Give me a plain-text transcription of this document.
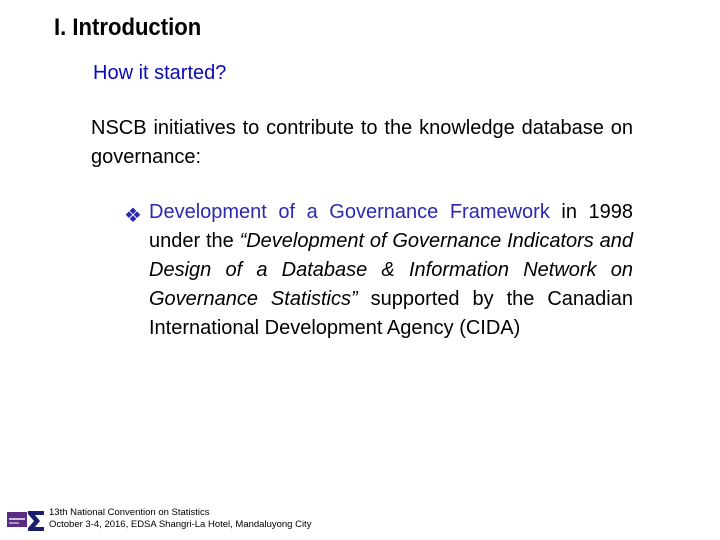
I. Introduction
How it started?
NSCB initiatives to contribute to the knowledge database on governance:
❖ Development of a Governance Framework in 1998 under the “Development of Governance Indicators and Design of a Database & Information Network on Governance Statistics” supported by the Canadian International Development Agency (CIDA)
13th National Convention on Statistics
October 3-4, 2016, EDSA Shangri-La Hotel, Mandaluyong City
